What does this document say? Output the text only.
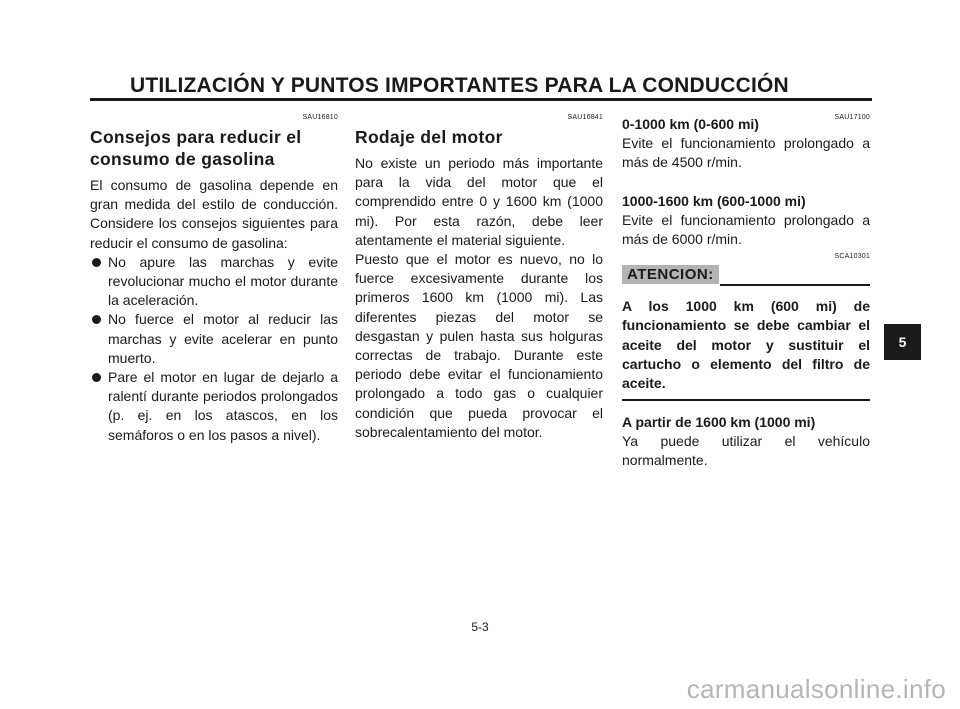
UTILIZACIÓN Y PUNTOS IMPORTANTES PARA LA CONDUCCIÓN
SAU16810
Consejos para reducir el
consumo de gasolina

El consumo de gasolina depende en gran medida del estilo de conducción. Considere los consejos siguientes para reducir el consumo de gasolina:

No apure las marchas y evite revolucionar mucho el motor durante la aceleración.
No fuerce el motor al reducir las marchas y evite acelerar en punto muerto.
Pare el motor en lugar de dejarlo a ralentí durante periodos prolongados (p. ej. en los atascos, en los semáforos o en los pasos a nivel).
SAU16841
Rodaje del motor

No existe un periodo más importante para la vida del motor que el comprendido entre 0 y 1600 km (1000 mi). Por esta razón, debe leer atentamente el material siguiente.

Puesto que el motor es nuevo, no lo fuerce excesivamente durante los primeros 1600 km (1000 mi). Las diferentes piezas del motor se desgastan y pulen hasta sus holguras correctas de trabajo. Durante este periodo debe evitar el funcionamiento prolongado a todo gas o cualquier condición que pueda provocar el sobrecalentamiento del motor.

SAU17100

0-1000 km (0-600 mi)

Evite el funcionamiento prolongado a más de 4500 r/min.

1000-1600 km (600-1000 mi)

Evite el funcionamiento prolongado a más de 6000 r/min.

SCA10301
ATENCION:

A los 1000 km (600 mi) de funcionamiento se debe cambiar el aceite del motor y sustituir el cartucho o elemento del filtro de aceite.

A partir de 1600 km (1000 mi)

Ya puede utilizar el vehículo normalmente.

5-3
5
carmanualsonline.info
